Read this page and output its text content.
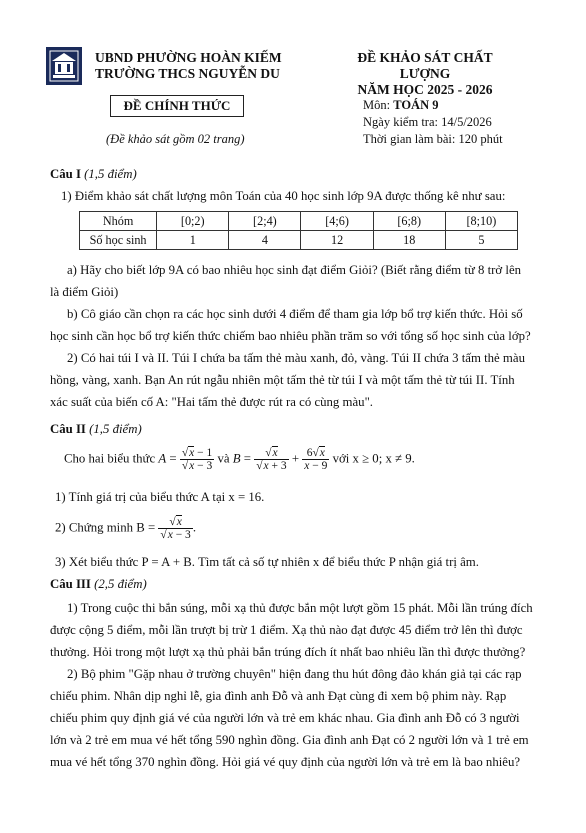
UBND PHƯỜNG HOÀN KIẾM
TRƯỜNG THCS NGUYỄN DU
ĐỀ KHẢO SÁT CHẤT LƯỢNG
NĂM HỌC 2025 - 2026
ĐỀ CHÍNH THỨC
(Đề khảo sát gồm 02 trang)
Môn: TOÁN 9
Ngày kiểm tra: 14/5/2026
Thời gian làm bài: 120 phút
Câu I (1,5 điểm)
1) Điểm khảo sát chất lượng môn Toán của 40 học sinh lớp 9A được thống kê như sau:
Nhóm	[0;2)	[2;4)	[4;6)	[6;8)	[8;10)
Số học sinh	1	4	12	18	5
a) Hãy cho biết lớp 9A có bao nhiêu học sinh đạt điểm Giỏi? (Biết rằng điểm từ 8 trở lên
là điểm Giỏi)
b) Cô giáo cần chọn ra các học sinh dưới 4 điểm để tham gia lớp bổ trợ kiến thức. Hỏi số
học sinh cần học bổ trợ kiến thức chiếm bao nhiêu phần trăm so với tổng số học sinh của lớp?
2) Có hai túi I và II. Túi I chứa ba tấm thẻ màu xanh, đỏ, vàng. Túi II chứa 3 tấm thẻ màu
hồng, vàng, xanh. Bạn An rút ngẫu nhiên một tấm thẻ từ túi I và một tấm thẻ từ túi II. Tính
xác suất của biến cố A: "Hai tấm thẻ được rút ra có cùng màu".
Câu II (1,5 điểm)
Cho hai biểu thức $A = \frac{√x - 1}{√x - 3}$ và $B = \frac{√x}{√x + 3} + \frac{6√x}{x - 9}$ với x ≥ 0; x ≠ 9.
1) Tính giá trị của biểu thức A tại x = 16.
2) Chứng minh $B = \frac{√x}{√x - 3}$ .
3) Xét biểu thức P = A + B. Tìm tất cả số tự nhiên x để biểu thức P nhận giá trị âm.
Câu III (2,5 điểm)
1) Trong cuộc thi bắn súng, mỗi xạ thủ được bắn một lượt gồm 15 phát. Mỗi lần trúng đích
được cộng 5 điểm, mỗi lần trượt bị trừ 1 điểm. Xạ thủ nào đạt được 45 điểm trở lên thì được
thưởng. Hỏi trong một lượt xạ thủ phải bắn trúng đích ít nhất bao nhiêu lần thì được thưởng?
2) Bộ phim "Gặp nhau ở trường chuyên" hiện đang thu hút đông đảo khán giả tại các rạp
chiếu phim. Nhân dịp nghỉ lễ, gia đình anh Đỗ và anh Đạt cùng đi xem bộ phim này. Rạp
chiếu phim quy định giá vé của người lớn và trẻ em khác nhau. Gia đình anh Đỗ có 3 người
lớn và 2 trẻ em mua vé hết tổng 590 nghìn đồng. Gia đình anh Đạt có 2 người lớn và 1 trẻ em
mua vé hết tổng 370 nghìn đồng. Hỏi giá vé quy định của người lớn và trẻ em là bao nhiêu?
